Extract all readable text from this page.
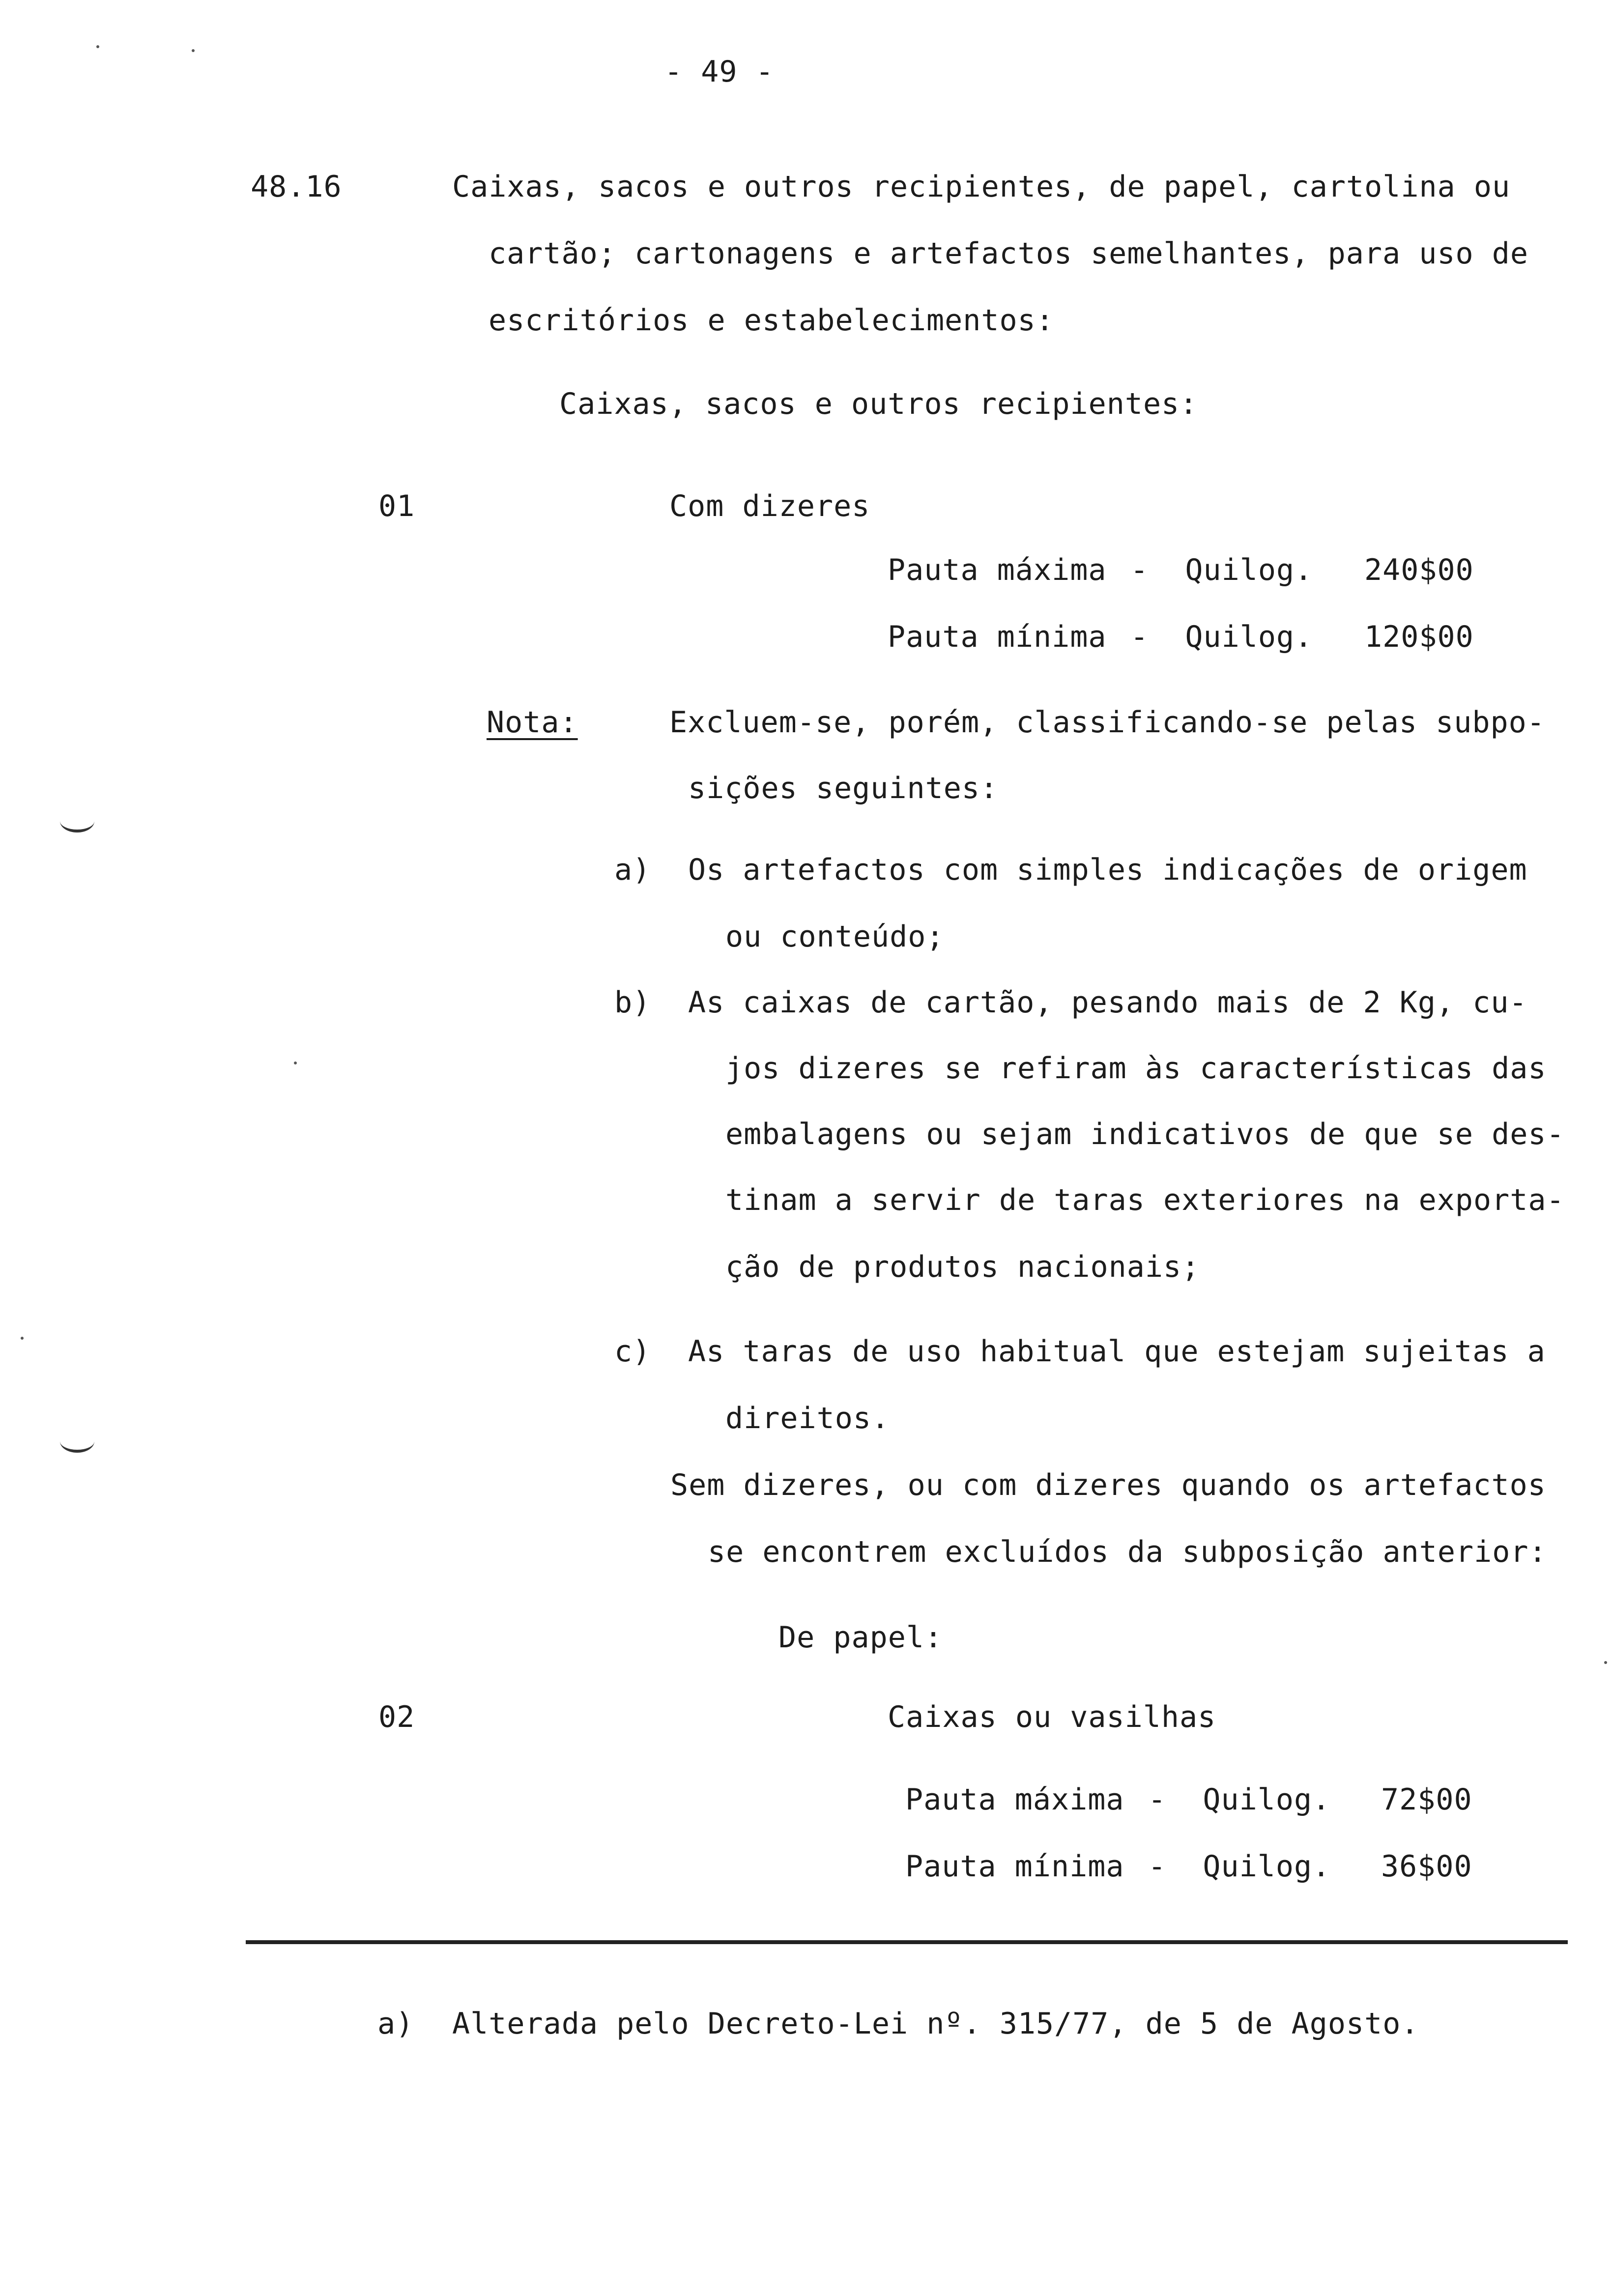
- 49 -
48.16	Caixas, sacos e outros recipientes, de papel, cartolina ou
cartão; cartonagens e artefactos semelhantes, para uso de
escritórios e estabelecimentos:
Caixas, sacos e outros recipientes:
01	Com dizeres
Pauta máxima -  Quilog. 240$00
Pauta mínima -  Quilog. 120$00
Nota:	Excluem-se, porém, classificando-se pelas subpo-
sições seguintes:
a) Os artefactos com simples indicações de origem
ou conteúdo;
b) As caixas de cartão, pesando mais de 2 Kg, cu-
jos dizeres se refiram às características das
embalagens ou sejam indicativos de que se des-
tinam a servir de taras exteriores na exporta-
ção de produtos nacionais;
c) As taras de uso habitual que estejam sujeitas a
direitos.
Sem dizeres, ou com dizeres quando os artefactos
se encontrem excluídos da subposição anterior:
De papel:
02	Caixas ou vasilhas
Pauta máxima -  Quilog. 72$00
Pauta mínima -  Quilog. 36$00
a) Alterada pelo Decreto-Lei nº. 315/77, de 5 de Agosto.
